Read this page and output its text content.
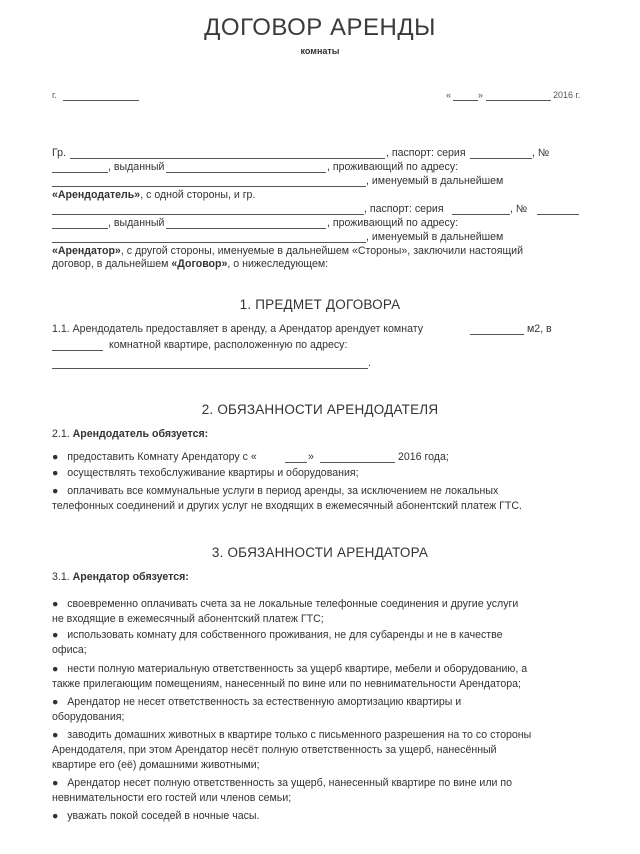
ДОГОВОР АРЕНДЫ
комнаты
г.	«	»	2016 г.
Гр.	, паспорт: серия	, №
, выданный	, проживающий по адресу:
, именуемый в дальнейшем
«Арендодатель», с одной стороны, и гр.
, паспорт: серия	, №
, выданный	, проживающий по адресу:
, именуемый в дальнейшем
«Арендатор», с другой стороны, именуемые в дальнейшем «Стороны», заключили настоящий
договор, в дальнейшем «Договор», о нижеследующем:
1. ПРЕДМЕТ ДОГОВОРА
1.1. Арендодатель предоставляет в аренду, а Арендатор арендует комнату	м2, в
комнатной квартире, расположенную по адресу:
.
2. ОБЯЗАННОСТИ АРЕНДОДАТЕЛЯ
2.1. Арендодатель обязуется:
●   предоставить Комнату Арендатору с «	»	2016 года;
●   осуществлять техобслуживание квартиры и оборудования;
●   оплачивать все коммунальные услуги в период аренды, за исключением не локальных
телефонных соединений и других услуг не входящих в ежемесячный абонентский платеж ГТС.
3. ОБЯЗАННОСТИ АРЕНДАТОРА
3.1. Арендатор обязуется:
●   своевременно оплачивать счета за не локальные телефонные соединения и другие услуги
не входящие в ежемесячный абонентский платеж ГТС;
●   использовать комнату для собственного проживания, не для субаренды и не в качестве
офиса;
●   нести полную материальную ответственность за ущерб квартире, мебели и оборудованию, а
также прилегающим помещениям, нанесенный по вине или по невнимательности Арендатора;
●   Арендатор не несет ответственность за естественную амортизацию квартиры и
оборудования;
●   заводить домашних животных в квартире только с письменного разрешения на то со стороны
Арендодателя, при этом Арендатор несёт полную ответственность за ущерб, нанесённый
квартире его (её) домашними животными;
●   Арендатор несет полную ответственность за ущерб, нанесенный квартире по вине или по
невнимательности его гостей или членов семьи;
●   уважать покой соседей в ночные часы.
